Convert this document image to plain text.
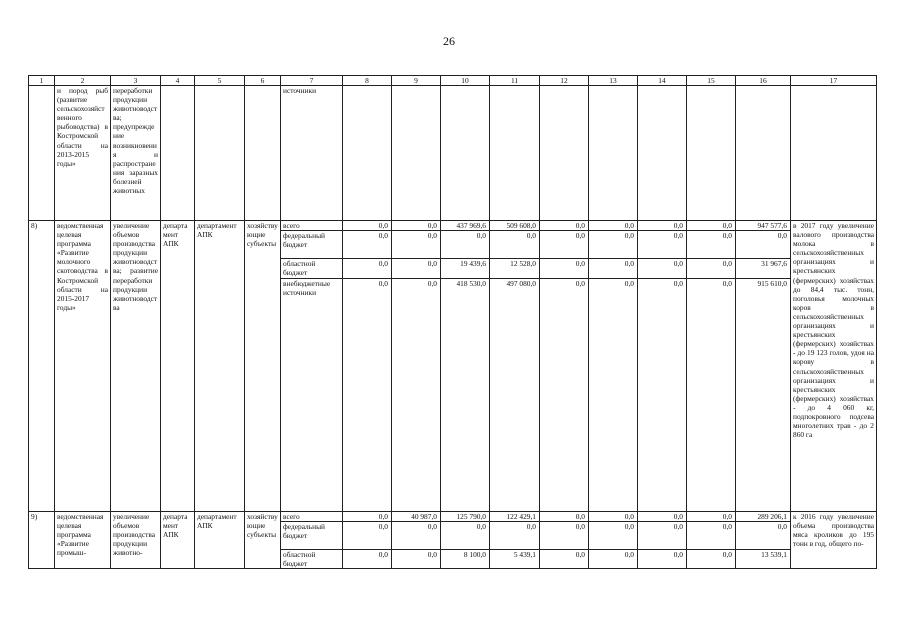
26
1	2	3	4	5	6	7	8	9	10	11	12	13	14	15	16	17
	и пород рыб (развитие сельскохозяйственного рыбоводства) в Костромской области на 2013-2015 годы»	переработки продукции животноводства; предупреждение возникновения и распространения заразных болезней животных				источники										
8)	ведомственная целевая программа «Развитие молочного скотоводства в Костромской области на 2015-2017 годы»	увеличение объемов производства продукции животноводства; развитие переработки продукции животноводства	департамент АПК	департамент АПК	хозяйствующие субъекты	всего	0,0	0,0	437 969,6	509 608,0	0,0	0,0	0,0	0,0	947 577,6	в 2017 году увеличение валового производства молока в сельскохозяйственных организациях и крестьянских (фермерских) хозяйствах до 84,4 тыс. тонн, поголовья молочных коров в сельскохозяйственных организациях и крестьянских (фермерских) хозяйствах - до 19 123 голов, удоя на корову в сельскохозяйственных организациях и крестьянских (фермерских) хозяйствах - до 4 060 кг, подпокровного подсева многолетних трав - до 2 860 га
						федеральный бюджет	0,0	0,0	0,0	0,0	0,0	0,0	0,0	0,0	0,0	
						областной бюджет	0,0	0,0	19 439,6	12 528,0	0,0	0,0	0,0	0,0	31 967,6	
						внебюджетные источники	0,0	0,0	418 530,0	497 080,0	0,0	0,0	0,0	0,0	915 610,0	
9)	ведомственная целевая программа «Развитие промыш-	увеличение объемов производства продукции животно-	департамент АПК	департамент АПК	хозяйствующие субъекты	всего	0,0	40 987,0	125 790,0	122 429,1	0,0	0,0	0,0	0,0	289 206,1	к 2016 году увеличение объема производства мяса кроликов до 195 тонн в год, общего по-
						федеральный бюджет	0,0	0,0	0,0	0,0	0,0	0,0	0,0	0,0	0,0	
						областной бюджет	0,0	0,0	8 100,0	5 439,1	0,0	0,0	0,0	0,0	13 539,1	
